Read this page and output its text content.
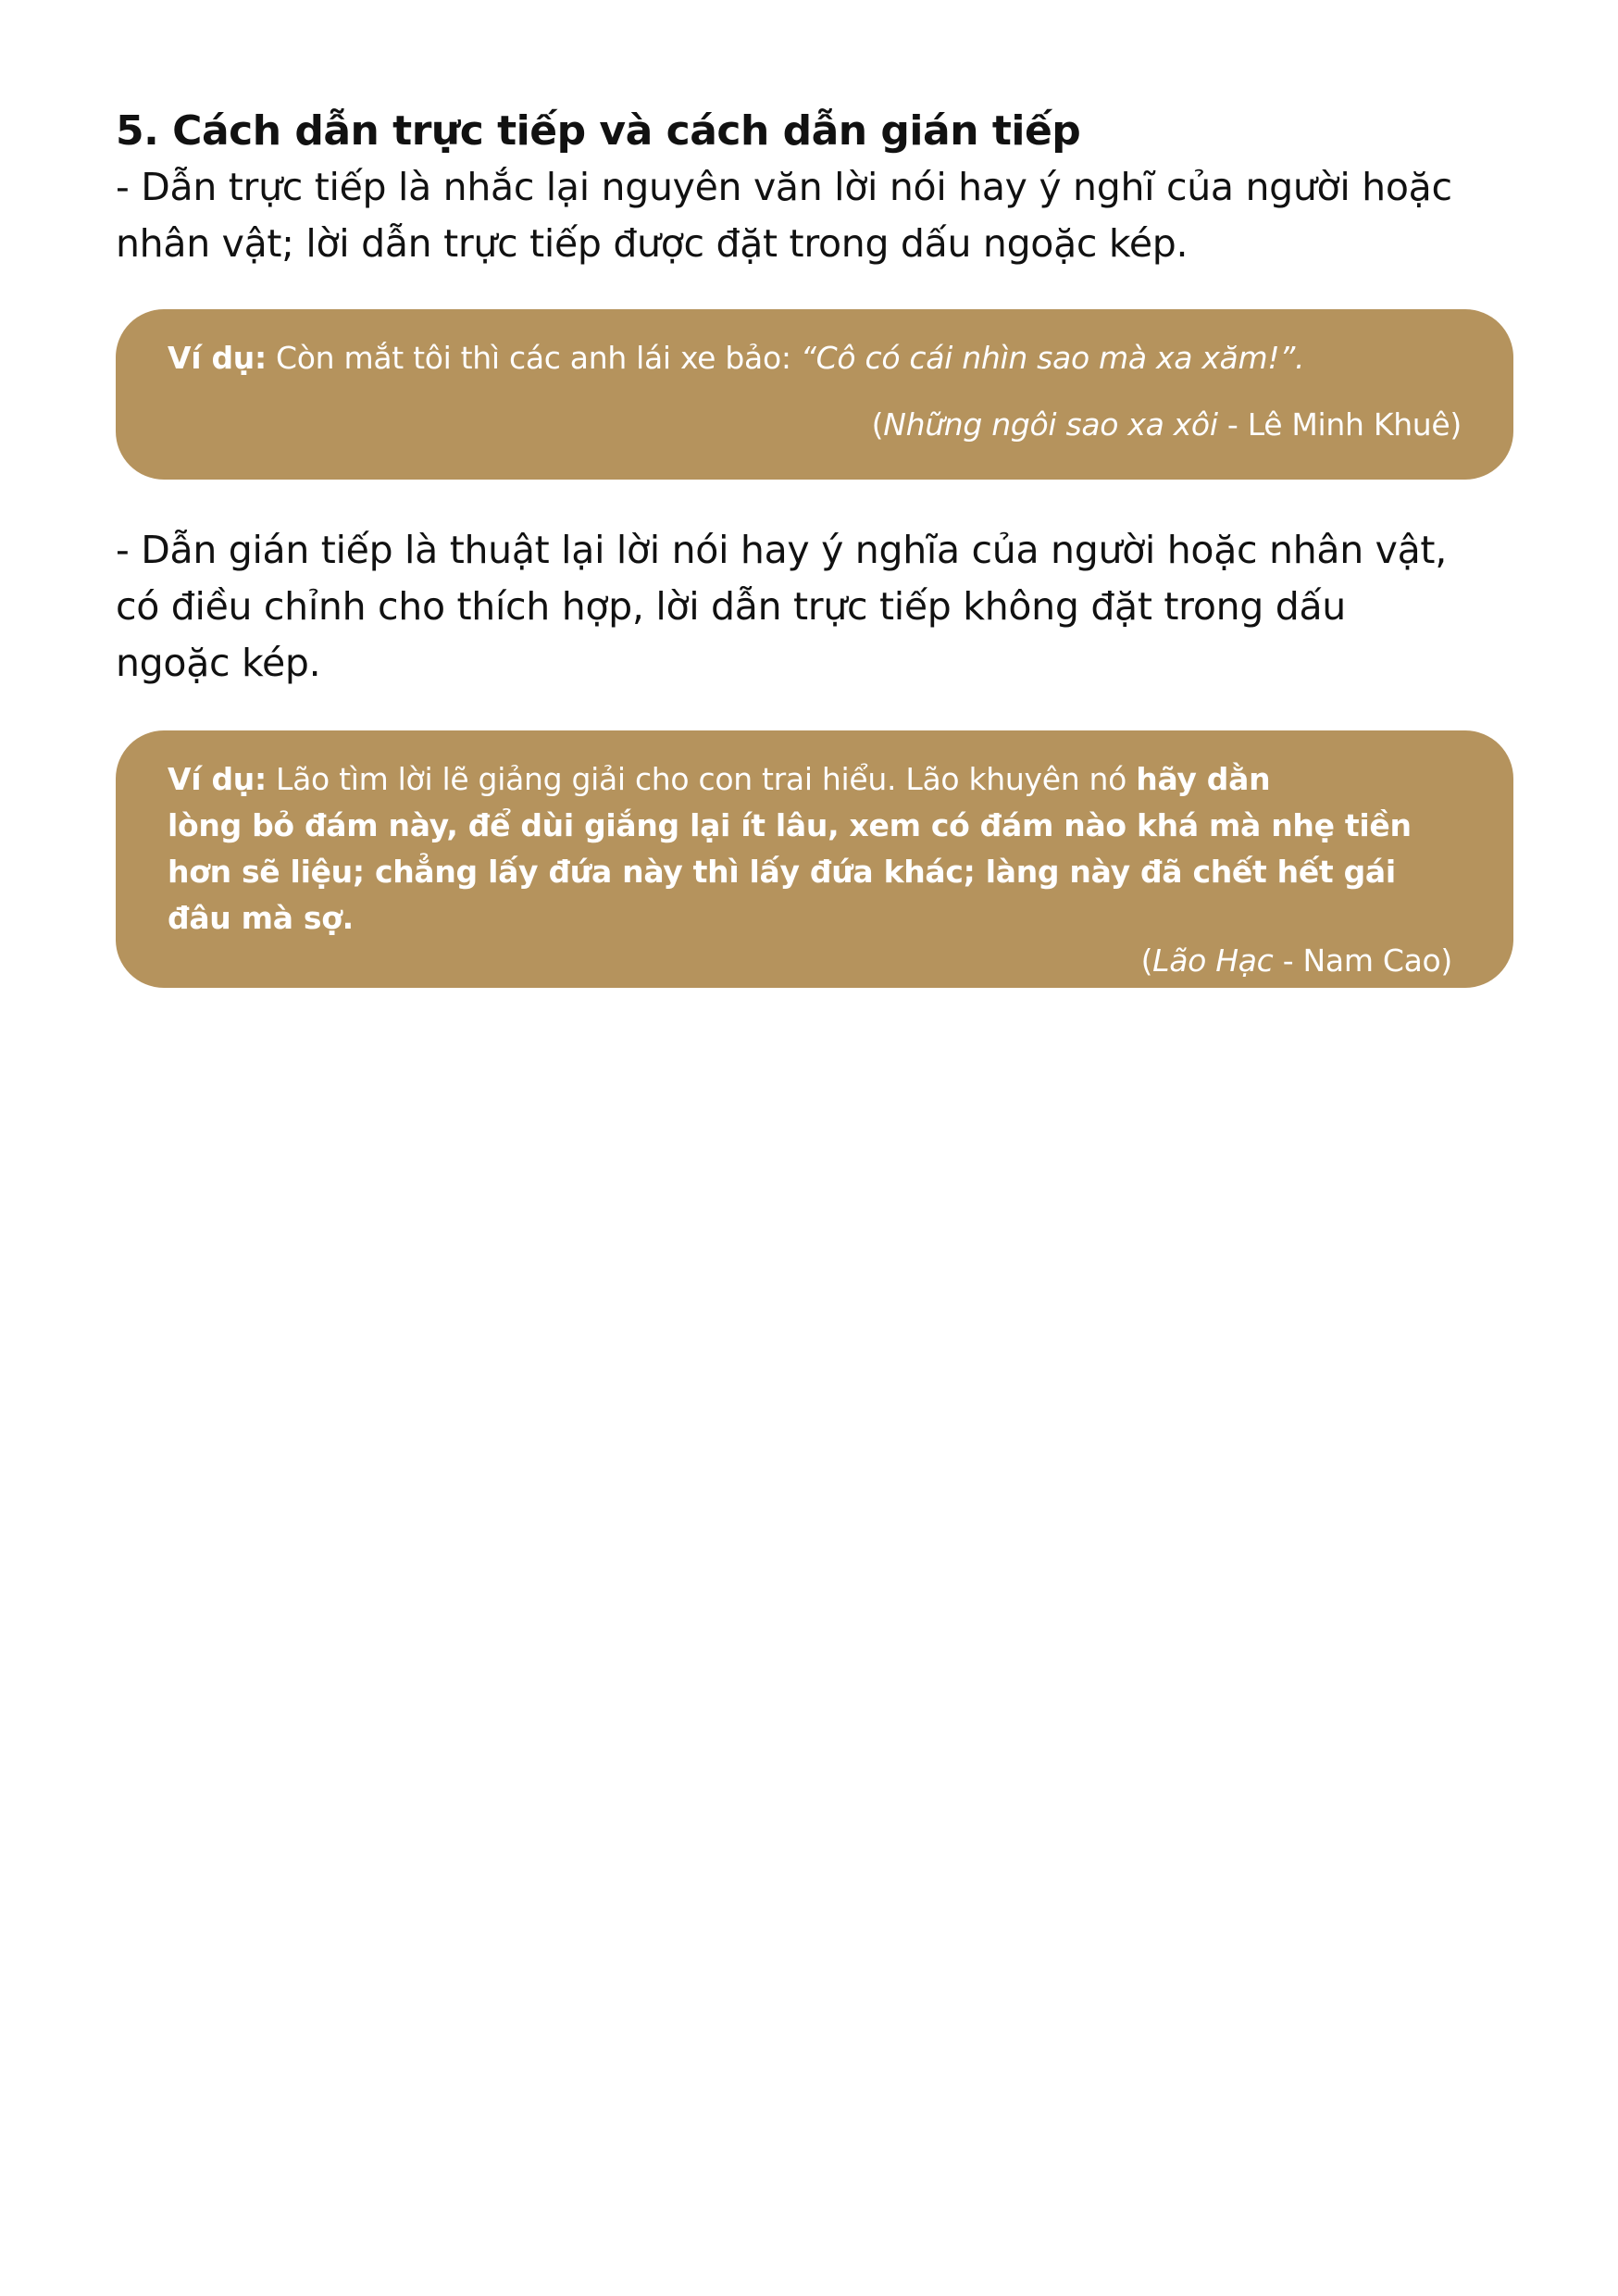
5. Cách dẫn trực tiếp và cách dẫn gián tiếp
- Dẫn trực tiếp là nhắc lại nguyên văn lời nói hay ý nghĩ của người hoặc
nhân vật; lời dẫn trực tiếp được đặt trong dấu ngoặc kép.
Ví dụ: Còn mắt tôi thì các anh lái xe bảo: “Cô có cái nhìn sao mà xa xăm!”.
(Những ngôi sao xa xôi - Lê Minh Khuê)
- Dẫn gián tiếp là thuật lại lời nói hay ý nghĩa của người hoặc nhân vật,
có điều chỉnh cho thích hợp, lời dẫn trực tiếp không đặt trong dấu
ngoặc kép.
Ví dụ: Lão tìm lời lẽ giảng giải cho con trai hiểu. Lão khuyên nó hãy dằn
lòng bỏ đám này, để dùi giắng lại ít lâu, xem có đám nào khá mà nhẹ tiền
hơn sẽ liệu; chẳng lấy đứa này thì lấy đứa khác; làng này đã chết hết gái
đâu mà sợ.
(Lão Hạc - Nam Cao)
